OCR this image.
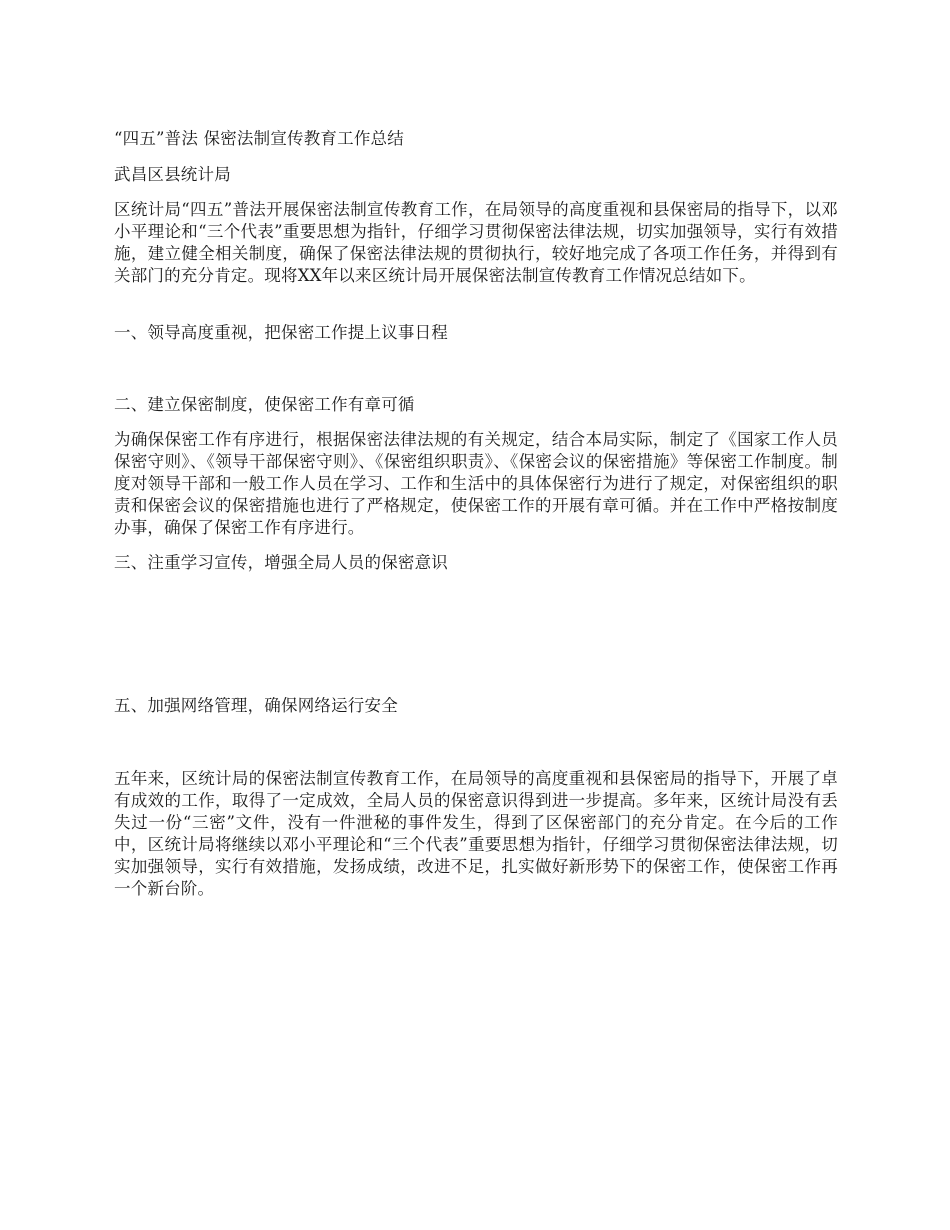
“四五”普法 保密法制宣传教育工作总结

武昌区县统计局

区统计局“四五”普法开展保密法制宣传教育工作，在局领导的高度重视和县保密局的指导下，以邓小平理论和“三个代表”重要思想为指针，仔细学习贯彻保密法律法规，切实加强领导，实行有效措施，建立健全相关制度，确保了保密法律法规的贯彻执行，较好地完成了各项工作任务，并得到有关部门的充分肯定。现将XX年以来区统计局开展保密法制宣传教育工作情况总结如下。

一、领导高度重视，把保密工作提上议事日程

二、建立保密制度，使保密工作有章可循

为确保保密工作有序进行，根据保密法律法规的有关规定，结合本局实际，制定了《国家工作人员保密守则》、《领导干部保密守则》、《保密组织职责》、《保密会议的保密措施》等保密工作制度。制度对领导干部和一般工作人员在学习、工作和生活中的具体保密行为进行了规定，对保密组织的职责和保密会议的保密措施也进行了严格规定，使保密工作的开展有章可循。并在工作中严格按制度办事，确保了保密工作有序进行。

三、注重学习宣传，增强全局人员的保密意识

五、加强网络管理，确保网络运行安全

五年来，区统计局的保密法制宣传教育工作，在局领导的高度重视和县保密局的指导下，开展了卓有成效的工作，取得了一定成效，全局人员的保密意识得到进一步提高。多年来，区统计局没有丢失过一份“三密”文件，没有一件泄秘的事件发生，得到了区保密部门的充分肯定。在今后的工作中，区统计局将继续以邓小平理论和“三个代表”重要思想为指针，仔细学习贯彻保密法律法规，切实加强领导，实行有效措施，发扬成绩，改进不足，扎实做好新形势下的保密工作，使保密工作再一个新台阶。
